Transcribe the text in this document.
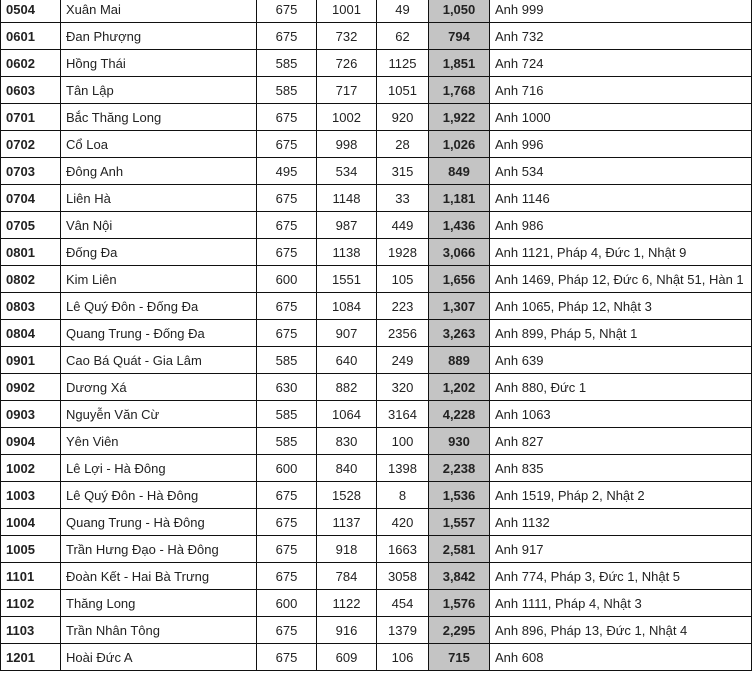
0504	Xuân Mai	675	1001	49	1,050	Anh 999
0601	Đan Phượng	675	732	62	794	Anh 732
0602	Hồng Thái	585	726	1125	1,851	Anh 724
0603	Tân Lập	585	717	1051	1,768	Anh 716
0701	Bắc Thăng Long	675	1002	920	1,922	Anh 1000
0702	Cổ Loa	675	998	28	1,026	Anh 996
0703	Đông Anh	495	534	315	849	Anh 534
0704	Liên Hà	675	1148	33	1,181	Anh 1146
0705	Vân Nội	675	987	449	1,436	Anh 986
0801	Đống Đa	675	1138	1928	3,066	Anh 1121, Pháp 4, Đức 1, Nhật 9
0802	Kim Liên	600	1551	105	1,656	Anh 1469, Pháp 12, Đức 6, Nhật 51, Hàn 1
0803	Lê Quý Đôn - Đống Đa	675	1084	223	1,307	Anh 1065, Pháp 12, Nhật 3
0804	Quang Trung - Đống Đa	675	907	2356	3,263	Anh 899, Pháp 5, Nhật 1
0901	Cao Bá Quát - Gia Lâm	585	640	249	889	Anh 639
0902	Dương Xá	630	882	320	1,202	Anh 880, Đức 1
0903	Nguyễn Văn Cừ	585	1064	3164	4,228	Anh 1063
0904	Yên Viên	585	830	100	930	Anh 827
1002	Lê Lợi - Hà Đông	600	840	1398	2,238	Anh 835
1003	Lê Quý Đôn - Hà Đông	675	1528	8	1,536	Anh 1519, Pháp 2, Nhật 2
1004	Quang Trung - Hà Đông	675	1137	420	1,557	Anh 1132
1005	Trần Hưng Đạo - Hà Đông	675	918	1663	2,581	Anh 917
1101	Đoàn Kết - Hai Bà Trưng	675	784	3058	3,842	Anh 774, Pháp 3, Đức 1, Nhật 5
1102	Thăng Long	600	1122	454	1,576	Anh 1111, Pháp 4, Nhật 3
1103	Trần Nhân Tông	675	916	1379	2,295	Anh 896, Pháp 13, Đức 1, Nhật 4
1201	Hoài Đức A	675	609	106	715	Anh 608
